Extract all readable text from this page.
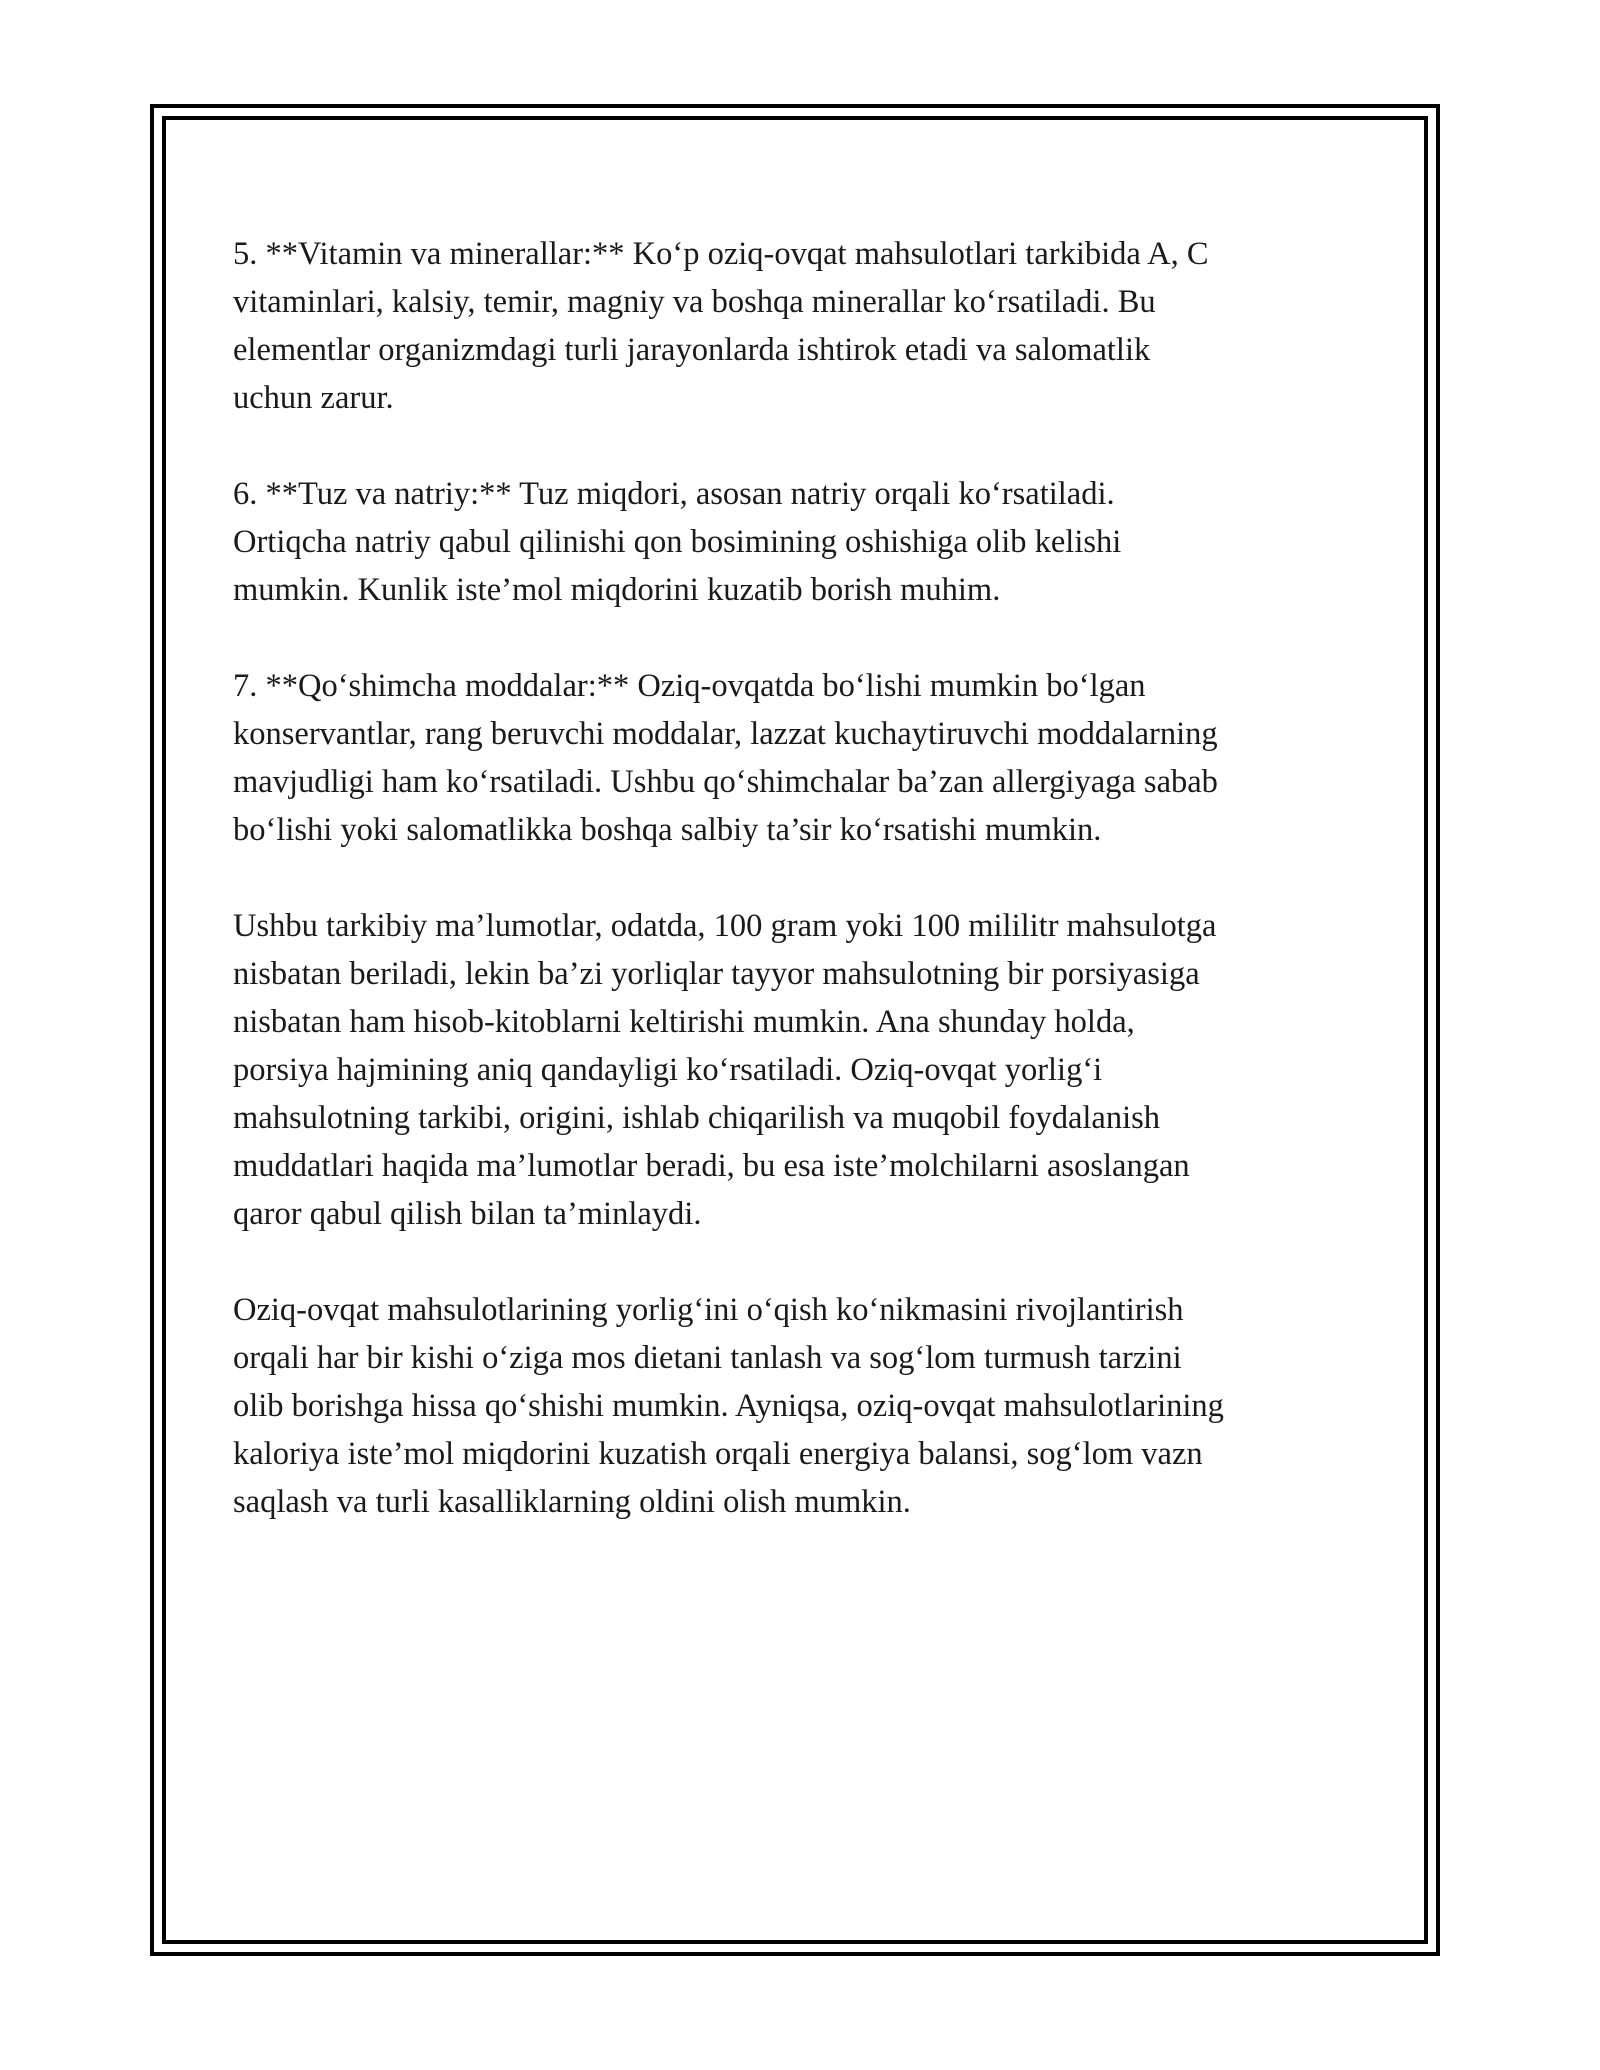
5. **Vitamin va minerallar:** Ko‘p oziq-ovqat mahsulotlari tarkibida A, C
vitaminlari, kalsiy, temir, magniy va boshqa minerallar ko‘rsatiladi. Bu
elementlar organizmdagi turli jarayonlarda ishtirok etadi va salomatlik
uchun zarur.

6. **Tuz va natriy:** Tuz miqdori, asosan natriy orqali ko‘rsatiladi.
Ortiqcha natriy qabul qilinishi qon bosimining oshishiga olib kelishi
mumkin. Kunlik iste’mol miqdorini kuzatib borish muhim.

7. **Qo‘shimcha moddalar:** Oziq-ovqatda bo‘lishi mumkin bo‘lgan
konservantlar, rang beruvchi moddalar, lazzat kuchaytiruvchi moddalarning
mavjudligi ham ko‘rsatiladi. Ushbu qo‘shimchalar ba’zan allergiyaga sabab
bo‘lishi yoki salomatlikka boshqa salbiy ta’sir ko‘rsatishi mumkin.

Ushbu tarkibiy ma’lumotlar, odatda, 100 gram yoki 100 mililitr mahsulotga
nisbatan beriladi, lekin ba’zi yorliqlar tayyor mahsulotning bir porsiyasiga
nisbatan ham hisob-kitoblarni keltirishi mumkin. Ana shunday holda,
porsiya hajmining aniq qandayligi ko‘rsatiladi. Oziq-ovqat yorlig‘i
mahsulotning tarkibi, origini, ishlab chiqarilish va muqobil foydalanish
muddatlari haqida ma’lumotlar beradi, bu esa iste’molchilarni asoslangan
qaror qabul qilish bilan ta’minlaydi.

Oziq-ovqat mahsulotlarining yorlig‘ini o‘qish ko‘nikmasini rivojlantirish
orqali har bir kishi o‘ziga mos dietani tanlash va sog‘lom turmush tarzini
olib borishga hissa qo‘shishi mumkin. Ayniqsa, oziq-ovqat mahsulotlarining
kaloriya iste’mol miqdorini kuzatish orqali energiya balansi, sog‘lom vazn
saqlash va turli kasalliklarning oldini olish mumkin.
